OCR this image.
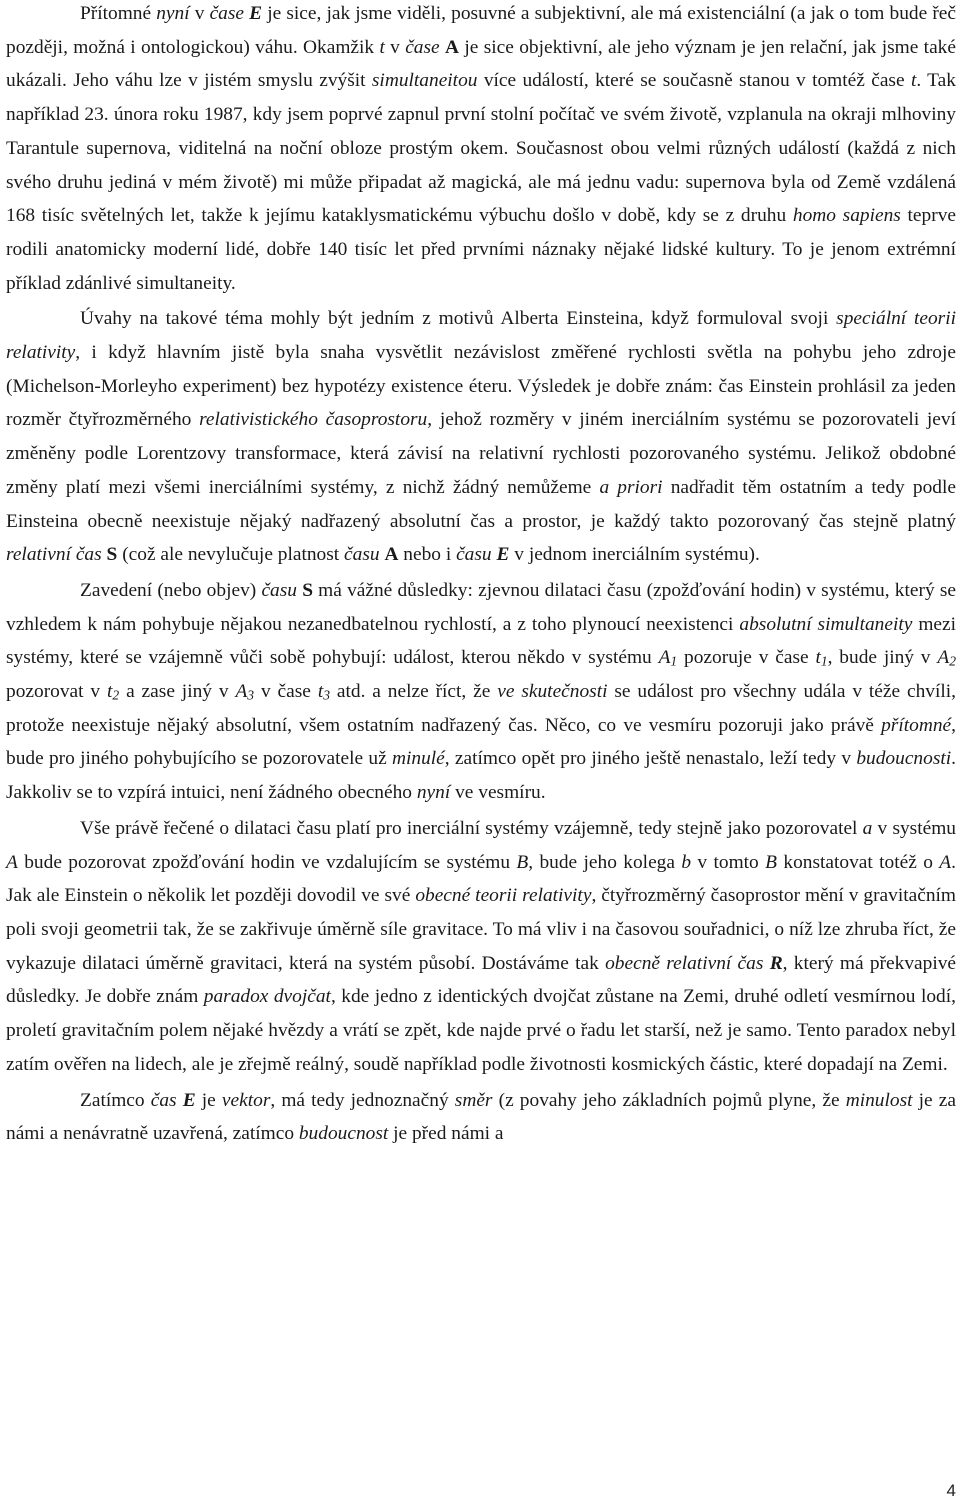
Přítomné nyní v čase E je sice, jak jsme viděli, posuvné a subjektivní, ale má existenciální (a jak o tom bude řeč později, možná i ontologickou) váhu. Okamžik t v čase A je sice objektivní, ale jeho význam je jen relační, jak jsme také ukázali. Jeho váhu lze v jistém smyslu zvýšit simultaneitou více událostí, které se současně stanou v tomtéž čase t. Tak například 23. února roku 1987, kdy jsem poprvé zapnul první stolní počítač ve svém životě, vzplanula na okraji mlhoviny Tarantule supernova, viditelná na noční obloze prostým okem. Současnost obou velmi různých událostí (každá z nich svého druhu jediná v mém životě) mi může připadat až magická, ale má jednu vadu: supernova byla od Země vzdálená 168 tisíc světelných let, takže k jejímu kataklysmatickému výbuchu došlo v době, kdy se z druhu homo sapiens teprve rodili anatomicky moderní lidé, dobře 140 tisíc let před prvními náznaky nějaké lidské kultury. To je jenom extrémní příklad zdánlivé simultaneity.

Úvahy na takové téma mohly být jedním z motivů Alberta Einsteina, když formuloval svoji speciální teorii relativity, i když hlavním jistě byla snaha vysvětlit nezávislost změřené rychlosti světla na pohybu jeho zdroje (Michelson-Morleyho experiment) bez hypotézy existence éteru. Výsledek je dobře znám: čas Einstein prohlásil za jeden rozměr čtyřrozměrného relativistického časoprostoru, jehož rozměry v jiném inerciálním systému se pozorovateli jeví změněny podle Lorentzovy transformace, která závisí na relativní rychlosti pozorovaného systému. Jelikož obdobné změny platí mezi všemi inerciálními systémy, z nichž žádný nemůžeme a priori nadřadit těm ostatním a tedy podle Einsteina obecně neexistuje nějaký nadřazený absolutní čas a prostor, je každý takto pozorovaný čas stejně platný relativní čas S (což ale nevylučuje platnost času A nebo i času E v jednom inerciálním systému).

Zavedení (nebo objev) času S má vážné důsledky: zjevnou dilataci času (zpožďování hodin) v systému, který se vzhledem k nám pohybuje nějakou nezanedbatelnou rychlostí, a z toho plynoucí neexistenci absolutní simultaneity mezi systémy, které se vzájemně vůči sobě pohybují: událost, kterou někdo v systému $A_1$ pozoruje v čase $t_1$, bude jiný v $A_2$ pozorovat v $t_2$ a zase jiný v $A_3$ v čase $t_3$ atd. a nelze říct, že ve skutečnosti se událost pro všechny udála v téže chvíli, protože neexistuje nějaký absolutní, všem ostatním nadřazený čas. Něco, co ve vesmíru pozoruji jako právě přítomné, bude pro jiného pohybujícího se pozorovatele už minulé, zatímco opět pro jiného ještě nenastalo, leží tedy v budoucnosti. Jakkoliv se to vzpírá intuici, není žádného obecného nyní ve vesmíru.

Vše právě řečené o dilataci času platí pro inerciální systémy vzájemně, tedy stejně jako pozorovatel a v systému A bude pozorovat zpožďování hodin ve vzdalujícím se systému B, bude jeho kolega b v tomto B konstatovat totéž o A. Jak ale Einstein o několik let později dovodil ve své obecné teorii relativity, čtyřrozměrný časoprostor mění v gravitačním poli svoji geometrii tak, že se zakřivuje úměrně síle gravitace. To má vliv i na časovou souřadnici, o níž lze zhruba říct, že vykazuje dilataci úměrně gravitaci, která na systém působí. Dostáváme tak obecně relativní čas R, který má překvapivé důsledky. Je dobře znám paradox dvojčat, kde jedno z identických dvojčat zůstane na Zemi, druhé odletí vesmírnou lodí, proletí gravitačním polem nějaké hvězdy a vrátí se zpět, kde najde prvé o řadu let starší, než je samo. Tento paradox nebyl zatím ověřen na lidech, ale je zřejmě reálný, soudě například podle životnosti kosmických částic, které dopadají na Zemi.

Zatímco čas E je vektor, má tedy jednoznačný směr (z povahy jeho základních pojmů plyne, že minulost je za námi a nenávratně uzavřená, zatímco budoucnost je před námi a

4
